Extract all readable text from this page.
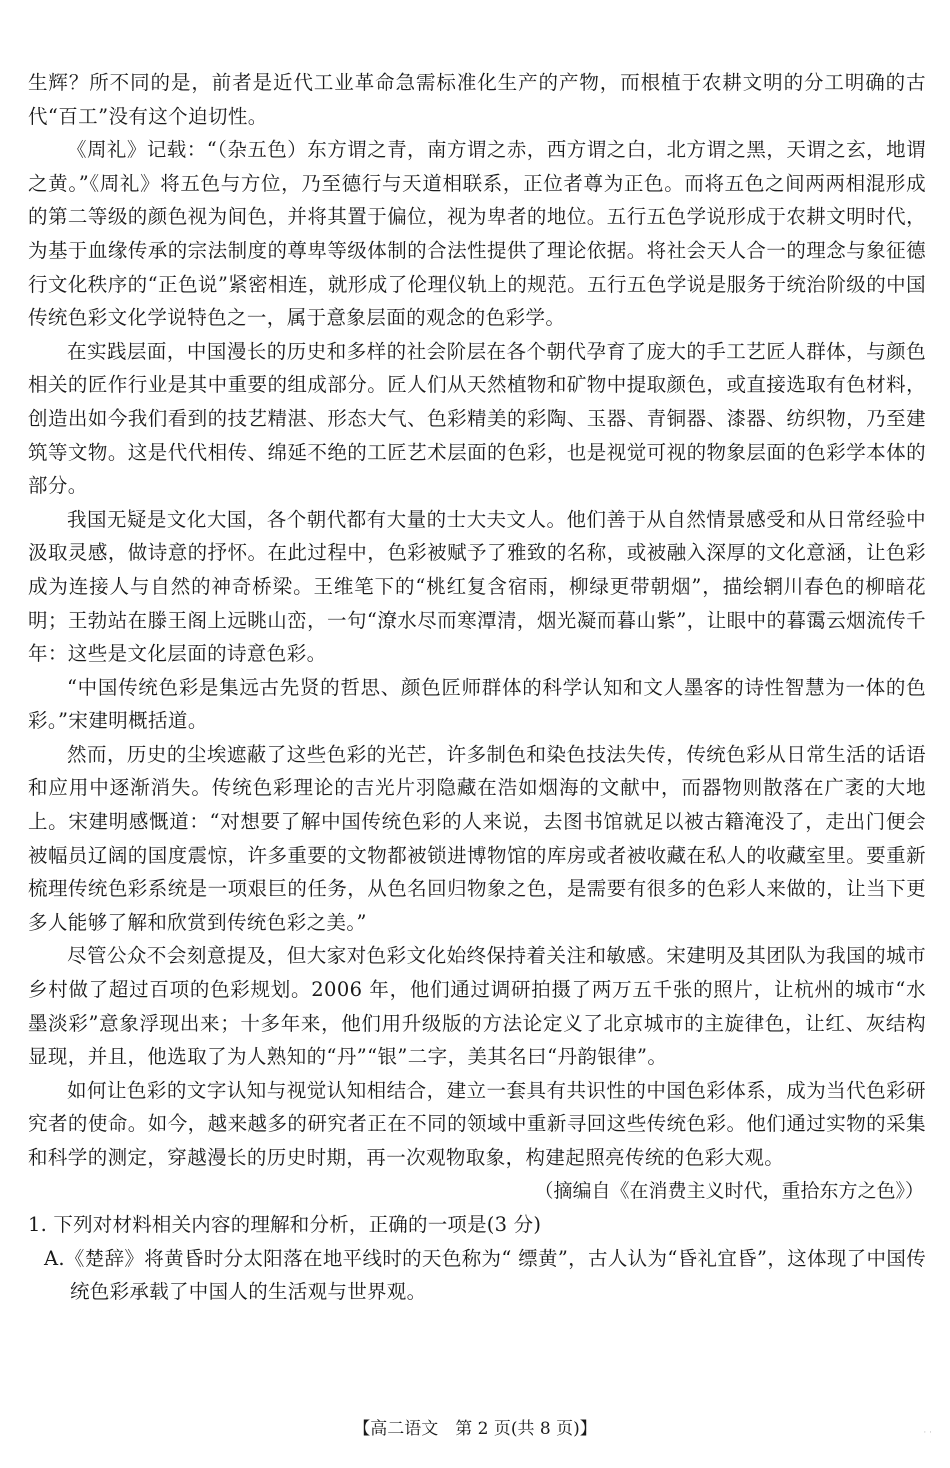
生辉？所不同的是，前者是近代工业革命急需标准化生产的产物，而根植于农耕文明的分工明确的古代“百工”没有这个迫切性。

《周礼》记载：“（杂五色）东方谓之青，南方谓之赤，西方谓之白，北方谓之黑，天谓之玄，地谓之黄。”《周礼》将五色与方位，乃至德行与天道相联系，正位者尊为正色。而将五色之间两两相混形成的第二等级的颜色视为间色，并将其置于偏位，视为卑者的地位。五行五色学说形成于农耕文明时代，为基于血缘传承的宗法制度的尊卑等级体制的合法性提供了理论依据。将社会天人合一的理念与象征德行文化秩序的“正色说”紧密相连，就形成了伦理仪轨上的规范。五行五色学说是服务于统治阶级的中国传统色彩文化学说特色之一，属于意象层面的观念的色彩学。

在实践层面，中国漫长的历史和多样的社会阶层在各个朝代孕育了庞大的手工艺匠人群体，与颜色相关的匠作行业是其中重要的组成部分。匠人们从天然植物和矿物中提取颜色，或直接选取有色材料，创造出如今我们看到的技艺精湛、形态大气、色彩精美的彩陶、玉器、青铜器、漆器、纺织物，乃至建筑等文物。这是代代相传、绵延不绝的工匠艺术层面的色彩，也是视觉可视的物象层面的色彩学本体的部分。

我国无疑是文化大国，各个朝代都有大量的士大夫文人。他们善于从自然情景感受和从日常经验中汲取灵感，做诗意的抒怀。在此过程中，色彩被赋予了雅致的名称，或被融入深厚的文化意涵，让色彩成为连接人与自然的神奇桥梁。王维笔下的“桃红复含宿雨，柳绿更带朝烟”，描绘辋川春色的柳暗花明；王勃站在滕王阁上远眺山峦，一句“潦水尽而寒潭清，烟光凝而暮山紫”，让眼中的暮霭云烟流传千年：这些是文化层面的诗意色彩。

“中国传统色彩是集远古先贤的哲思、颜色匠师群体的科学认知和文人墨客的诗性智慧为一体的色彩。”宋建明概括道。

然而，历史的尘埃遮蔽了这些色彩的光芒，许多制色和染色技法失传，传统色彩从日常生活的话语和应用中逐渐消失。传统色彩理论的吉光片羽隐藏在浩如烟海的文献中，而器物则散落在广袤的大地上。宋建明感慨道：“对想要了解中国传统色彩的人来说，去图书馆就足以被古籍淹没了，走出门便会被幅员辽阔的国度震惊，许多重要的文物都被锁进博物馆的库房或者被收藏在私人的收藏室里。要重新梳理传统色彩系统是一项艰巨的任务，从色名回归物象之色，是需要有很多的色彩人来做的，让当下更多人能够了解和欣赏到传统色彩之美。”

尽管公众不会刻意提及，但大家对色彩文化始终保持着关注和敏感。宋建明及其团队为我国的城市乡村做了超过百项的色彩规划。2006 年，他们通过调研拍摄了两万五千张的照片，让杭州的城市“水墨淡彩”意象浮现出来；十多年来，他们用升级版的方法论定义了北京城市的主旋律色，让红、灰结构显现，并且，他选取了为人熟知的“丹”“银”二字，美其名曰“丹韵银律”。

如何让色彩的文字认知与视觉认知相结合，建立一套具有共识性的中国色彩体系，成为当代色彩研究者的使命。如今，越来越多的研究者正在不同的领域中重新寻回这些传统色彩。他们通过实物的采集和科学的测定，穿越漫长的历史时期，再一次观物取象，构建起照亮传统的色彩大观。

（摘编自《在消费主义时代，重拾东方之色》）

1. 下列对材料相关内容的理解和分析，正确的一项是(3 分)

A.《楚辞》将黄昏时分太阳落在地平线时的天色称为“ 缥黄”，古人认为“昏礼宜昏”，这体现了中国传统色彩承载了中国人的生活观与世界观。

【高二语文　第 2 页(共 8 页)】	· ·
